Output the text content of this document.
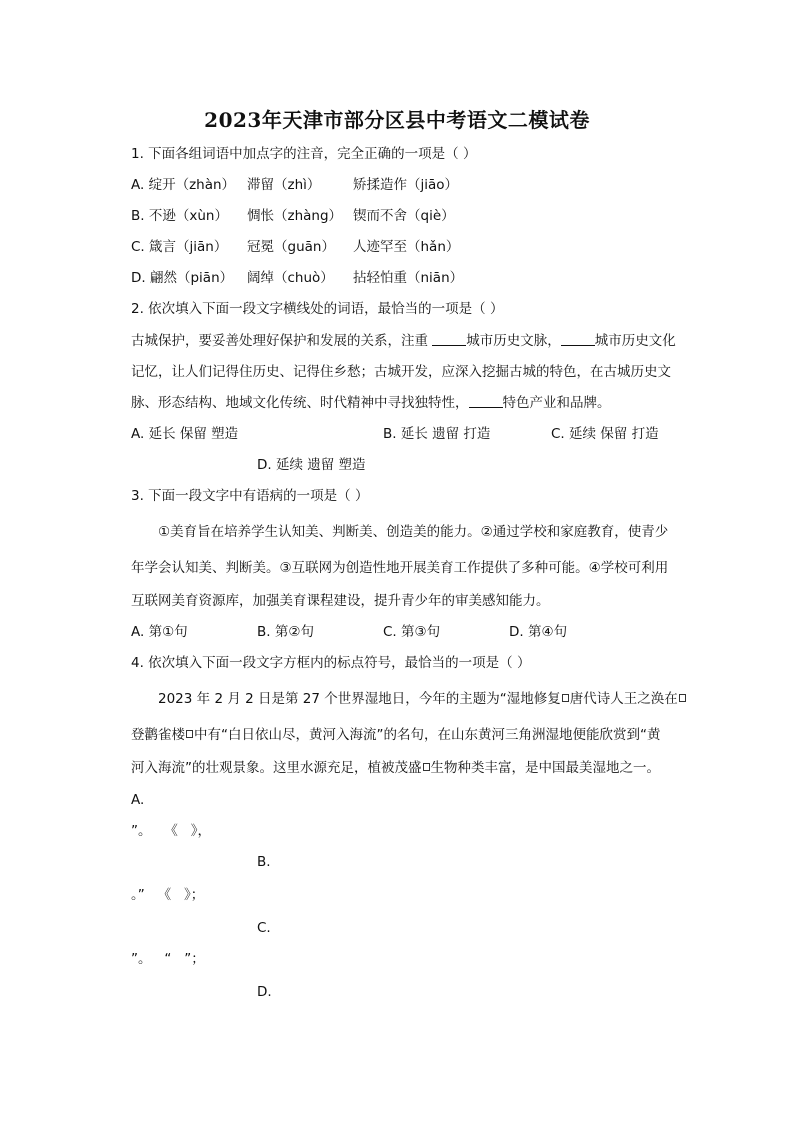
2023年天津市部分区县中考语文二模试卷
1. 下面各组词语中加点字的注音，完全正确的一项是（ ）
A. 绽开（zhàn） 滞留（zhì） 矫揉造作（jiāo）
B. 不逊（xùn） 惆怅（zhàng） 锲而不舍（qiè）
C. 箴言（jiān） 冠冕（guān） 人迹罕至（hǎn）
D. 翩然（piān） 阔绰（chuò） 拈轻怕重（niān）
2. 依次填入下面一段文字横线处的词语，最恰当的一项是（ ）
古城保护，要妥善处理好保护和发展的关系，注重	城市历史文脉，	城市历史文化
记忆，让人们记得住历史、记得住乡愁；古城开发，应深入挖掘古城的特色，在古城历史文
脉、形态结构、地域文化传统、时代精神中寻找独特性，	特色产业和品牌。
A. 延长 保留 塑造	B. 延长 遗留 打造	C. 延续 保留 打造
D. 延续 遗留 塑造
3. 下面一段文字中有语病的一项是（ ）
①美育旨在培养学生认知美、判断美、创造美的能力。②通过学校和家庭教育，使青少
年学会认知美、判断美。③互联网为创造性地开展美育工作提供了多种可能。④学校可利用
互联网美育资源库，加强美育课程建设，提升青少年的审美感知能力。
A. 第①句	B. 第②句	C. 第③句	D. 第④句
4. 依次填入下面一段文字方框内的标点符号，最恰当的一项是（ ）
2023 年 2 月 2 日是第 27 个世界湿地日，今年的主题为“湿地修复 唐代诗人王之涣在
登鹳雀楼 中有“白日依山尽，黄河入海流”的名句，在山东黄河三角洲湿地便能欣赏到“黄
河入海流”的壮观景象。这里水源充足，植被茂盛 生物种类丰富，是中国最美湿地之一。
A.
”。   《   》，
B.
。”   《   》；
C.
”。   “   ”；
D.
